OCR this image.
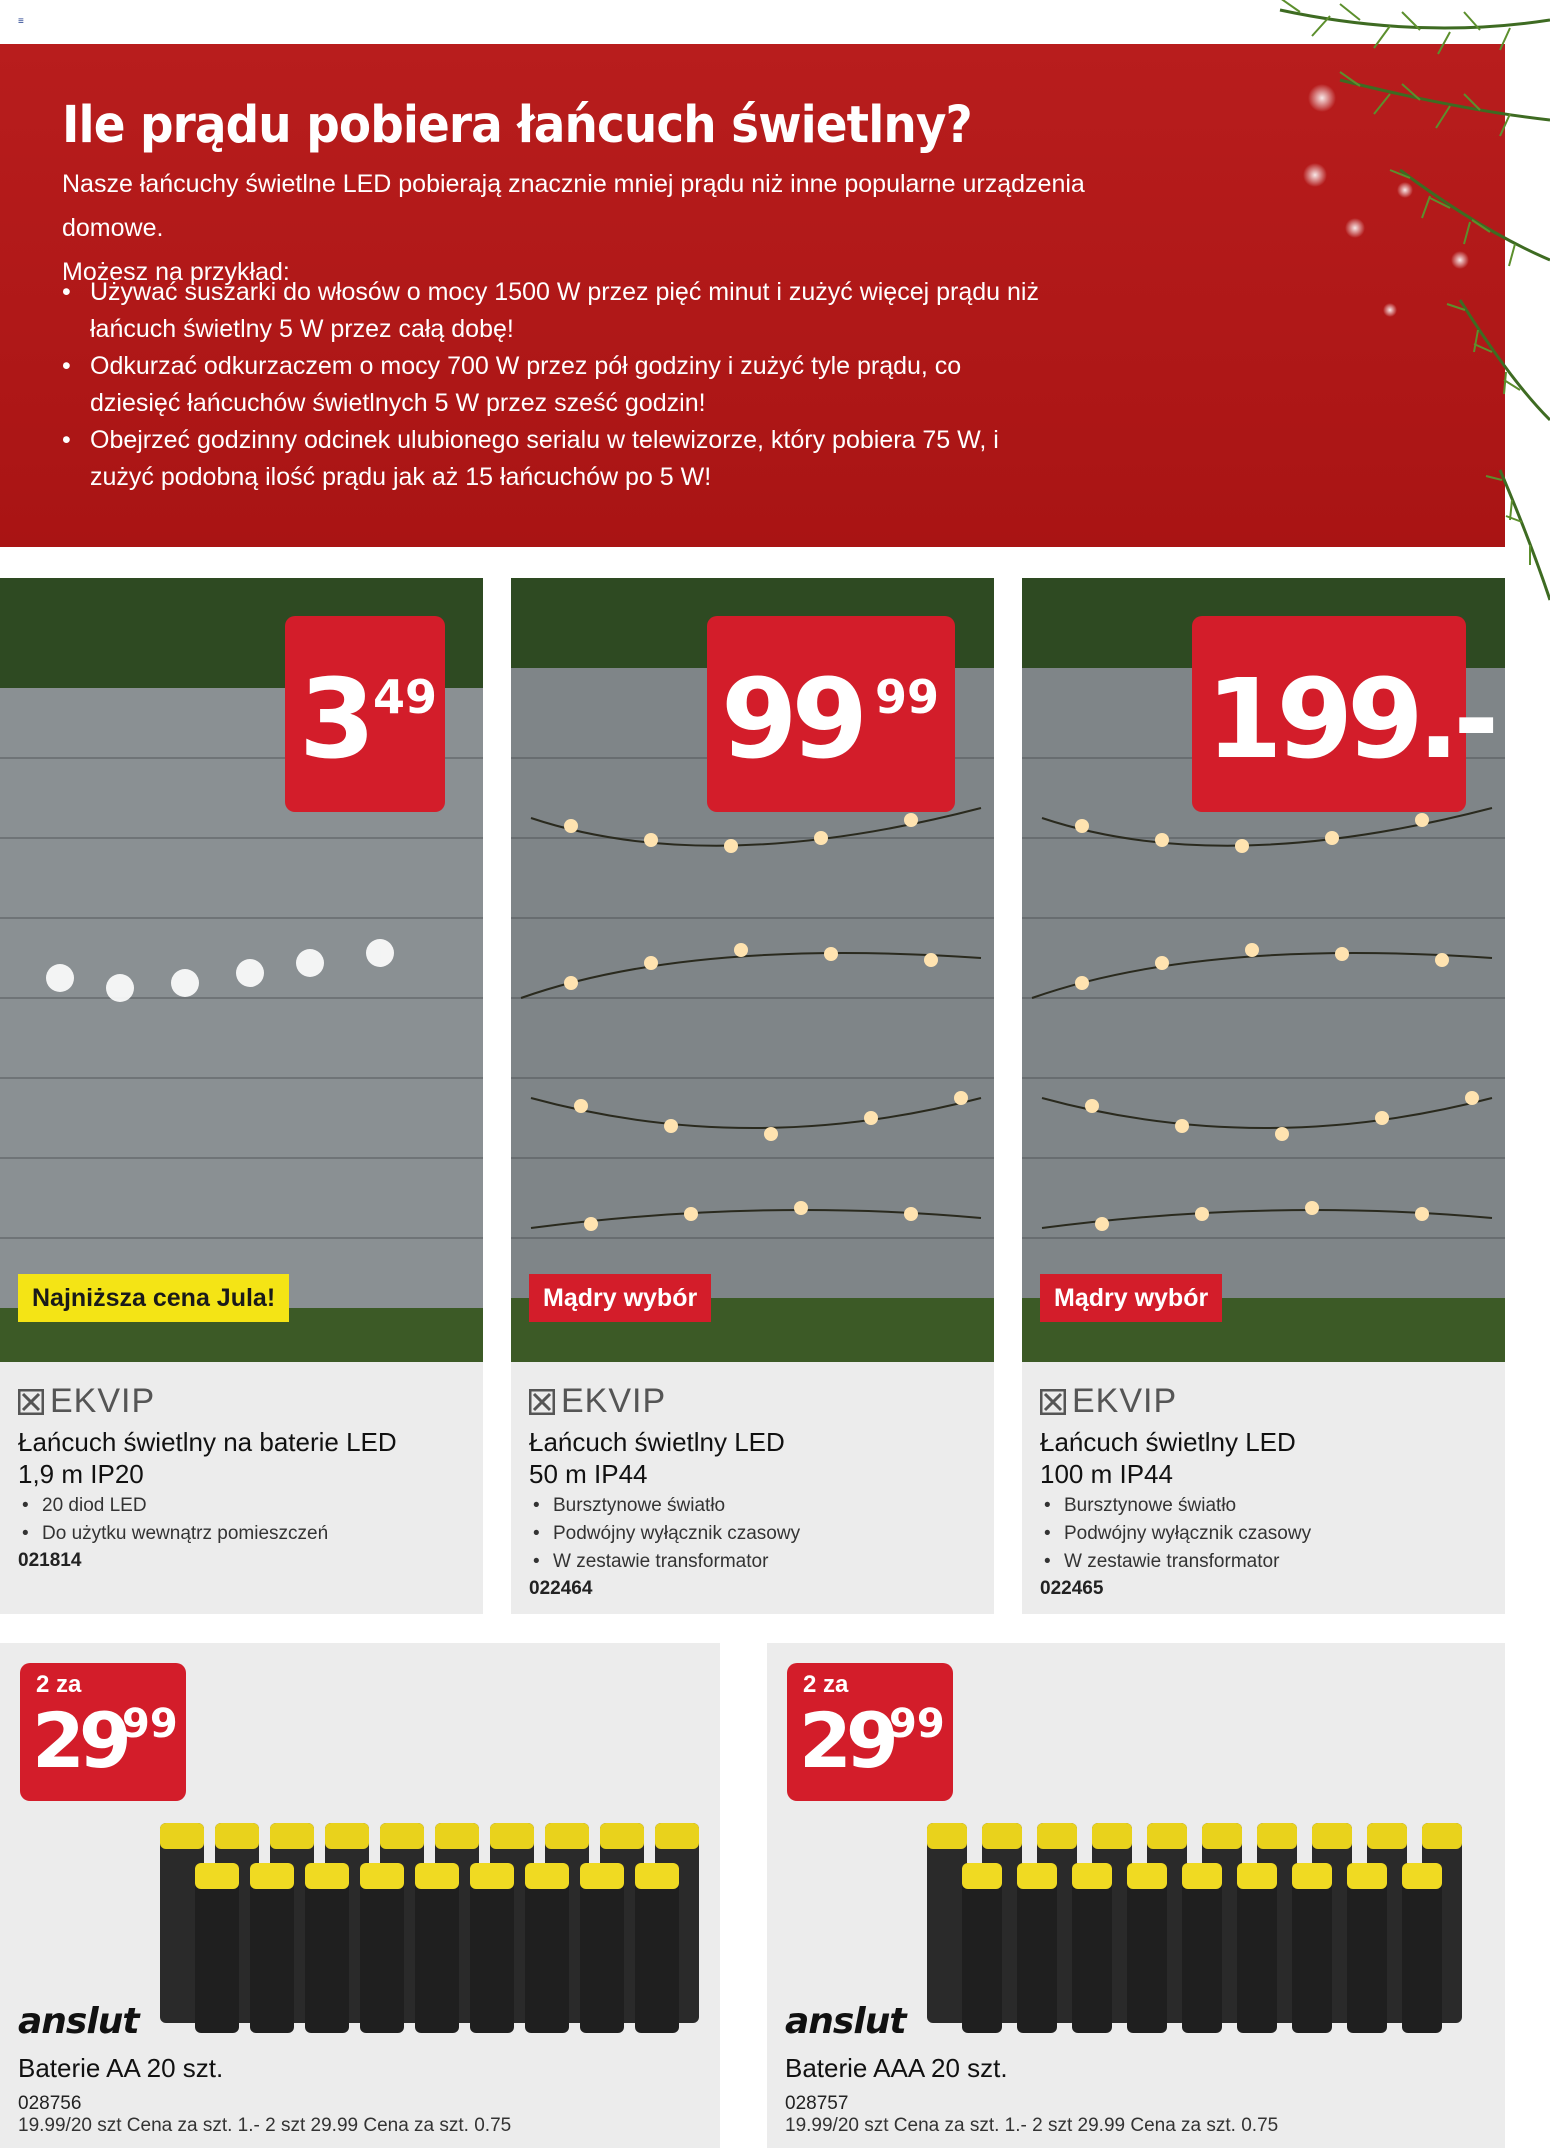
≡
Ile prądu pobiera łańcuch świetlny?
Nasze łańcuchy świetlne LED pobierają znacznie mniej prądu niż inne popularne urządzenia domowe.
Możesz na przykład:
• Używać suszarki do włosów o mocy 1500 W przez pięć minut i zużyć więcej prądu niż łańcuch świetlny 5 W przez całą dobę!
• Odkurzać odkurzaczem o mocy 700 W przez pół godziny i zużyć tyle prądu, co dziesięć łańcuchów świetlnych 5 W przez sześć godzin!
• Obejrzeć godzinny odcinek ulubionego serialu w telewizorze, który pobiera 75 W, i zużyć podobną ilość prądu jak aż 15 łańcuchów po 5 W!
3 49
Najniższa cena Jula!
EKVIP
Łańcuch świetlny na baterie LED
1,9 m IP20
• 20 diod LED
• Do użytku wewnątrz pomieszczeń
021814
99 99
Mądry wybór
EKVIP
Łańcuch świetlny LED
50 m IP44
• Bursztynowe światło
• Podwójny wyłącznik czasowy
• W zestawie transformator
022464
199.-
Mądry wybór
EKVIP
Łańcuch świetlny LED
100 m IP44
• Bursztynowe światło
• Podwójny wyłącznik czasowy
• W zestawie transformator
022465
2 za
29
99
anslut
Baterie AA 20 szt.
028756
19.99/20 szt Cena za szt. 1.- 2 szt 29.99 Cena za szt. 0.75
2 za
29
99
anslut
Baterie AAA 20 szt.
028757
19.99/20 szt Cena za szt. 1.- 2 szt 29.99 Cena za szt. 0.75
